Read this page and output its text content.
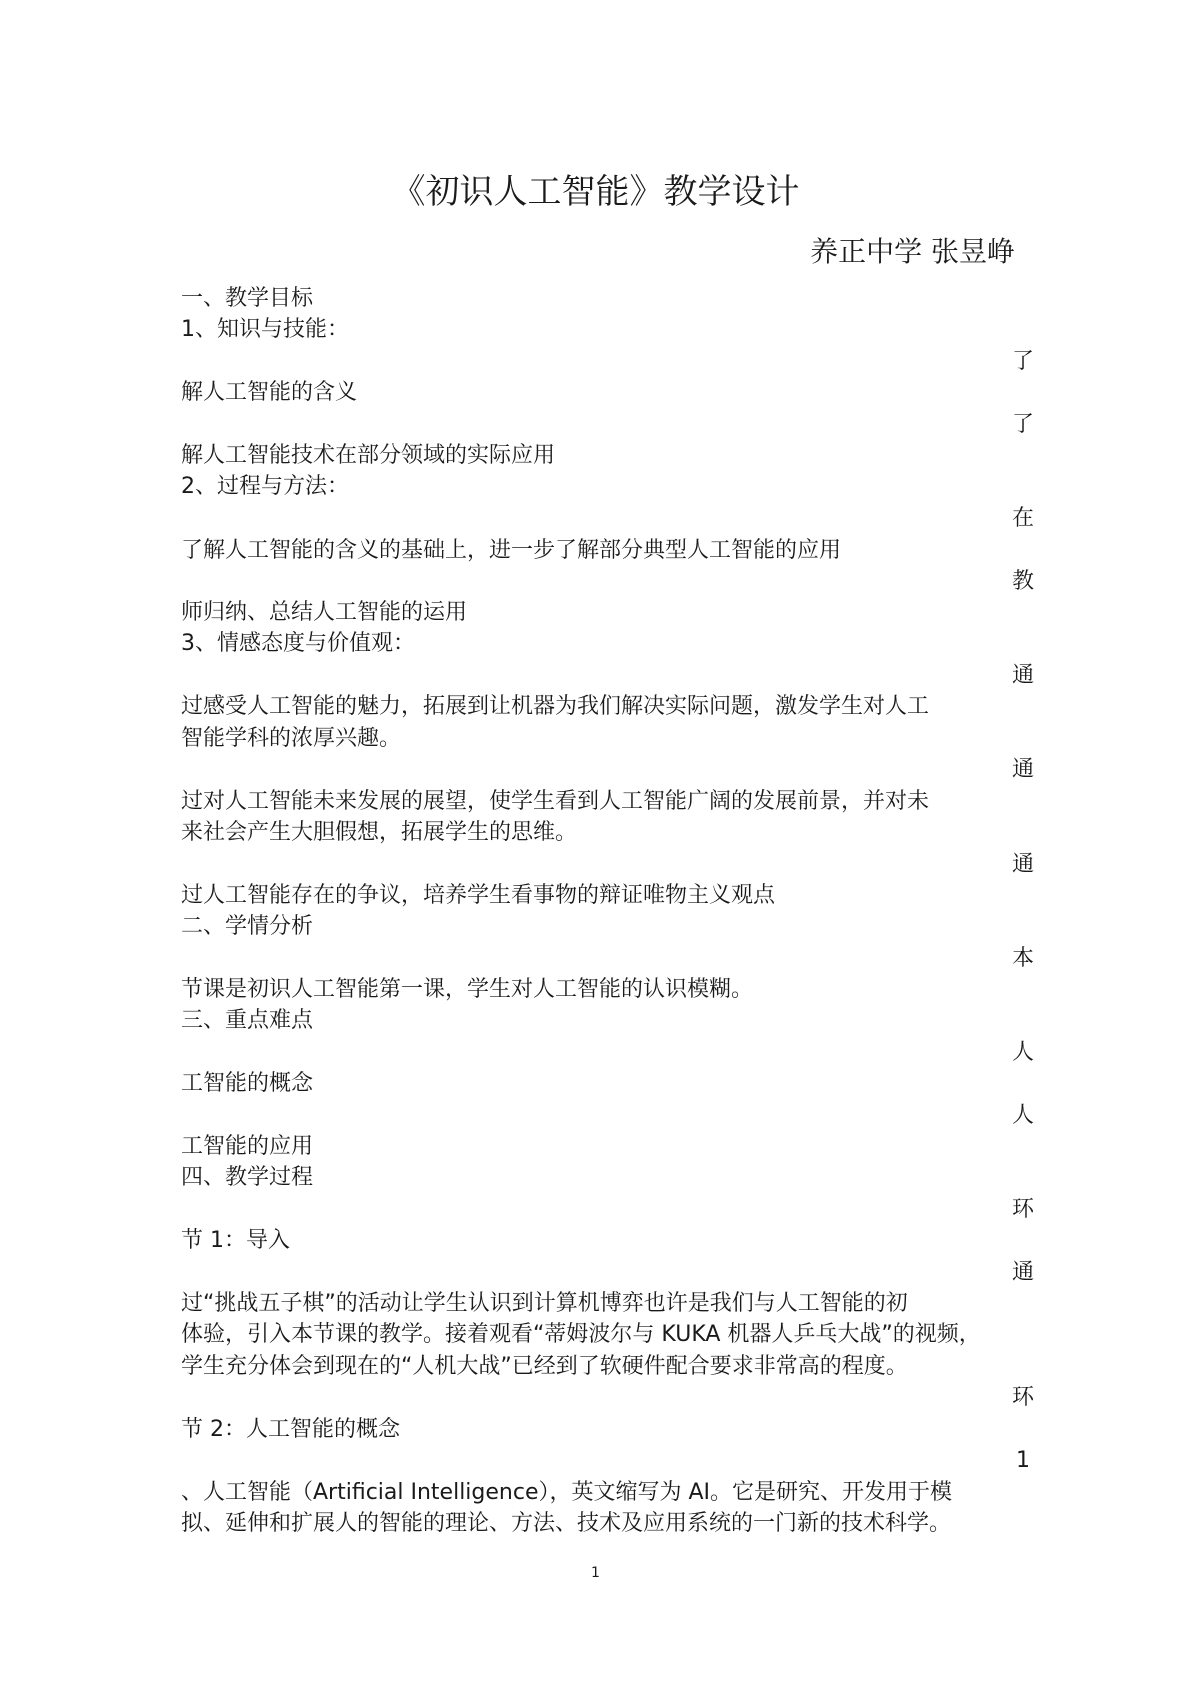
《初识人工智能》教学设计
养正中学 张昱峥
一、教学目标
1、知识与技能：
解人工智能的含义
解人工智能技术在部分领域的实际应用
2、过程与方法：
了解人工智能的含义的基础上，进一步了解部分典型人工智能的应用
师归纳、总结人工智能的运用
3、情感态度与价值观：
过感受人工智能的魅力，拓展到让机器为我们解决实际问题，激发学生对人工
智能学科的浓厚兴趣。
过对人工智能未来发展的展望，使学生看到人工智能广阔的发展前景，并对未
来社会产生大胆假想，拓展学生的思维。
过人工智能存在的争议，培养学生看事物的辩证唯物主义观点
二、学情分析
节课是初识人工智能第一课，学生对人工智能的认识模糊。
三、重点难点
工智能的概念
工智能的应用
四、教学过程
节 1：导入
过“挑战五子棋”的活动让学生认识到计算机博弈也许是我们与人工智能的初
体验，引入本节课的教学。接着观看“蒂姆波尔与 KUKA 机器人乒乓大战”的视频，
学生充分体会到现在的“人机大战”已经到了软硬件配合要求非常高的程度。
节 2：人工智能的概念
、人工智能（Artificial Intelligence），英文缩写为 AI。它是研究、开发用于模
拟、延伸和扩展人的智能的理论、方法、技术及应用系统的一门新的技术科学。
了
了
在
教
通
通
通
本
人
人
环
通
环
1
1
